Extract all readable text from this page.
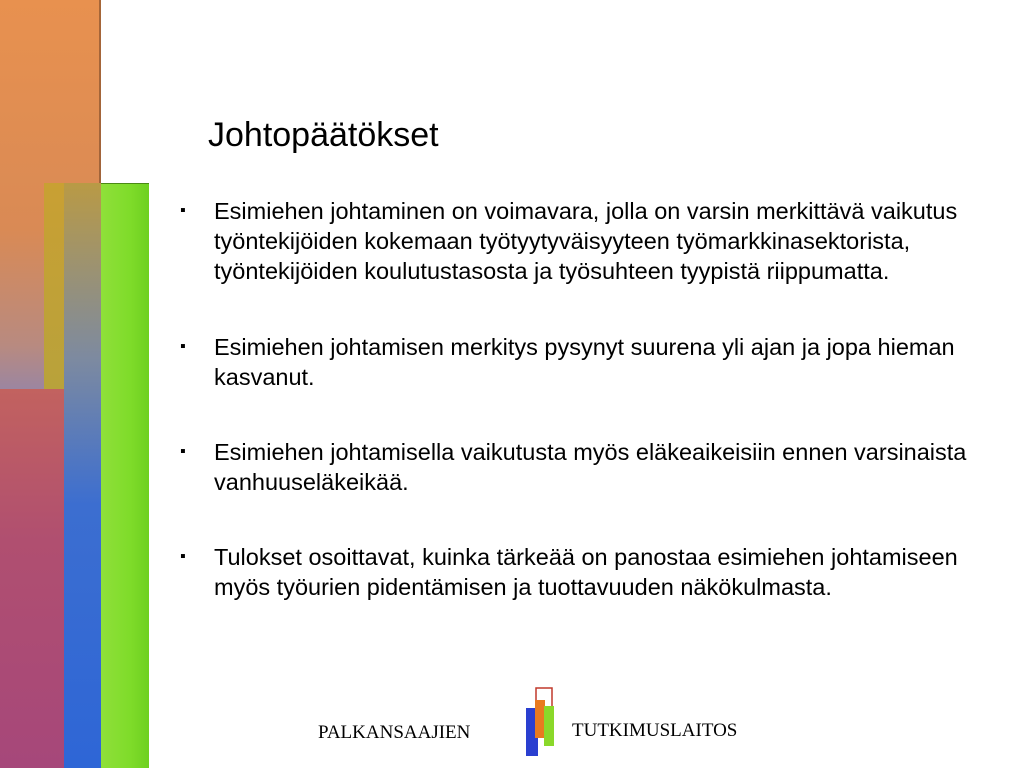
Johtopäätökset
▪ Esimiehen johtaminen on voimavara, jolla on varsin merkittävä vaikutus työntekijöiden kokemaan työtyytyväisyyteen työmarkkinasektorista, työntekijöiden koulutustasosta ja työsuhteen tyypistä riippumatta.
▪ Esimiehen johtamisen merkitys pysynyt suurena yli ajan ja jopa hieman kasvanut.
▪ Esimiehen johtamisella vaikutusta myös eläkeaikeisiin ennen varsinaista vanhuuseläkeikää.
▪ Tulokset osoittavat, kuinka tärkeää on panostaa esimiehen johtamiseen myös työurien pidentämisen ja tuottavuuden näkökulmasta.
PALKANSAAJIEN	TUTKIMUSLAITOS
